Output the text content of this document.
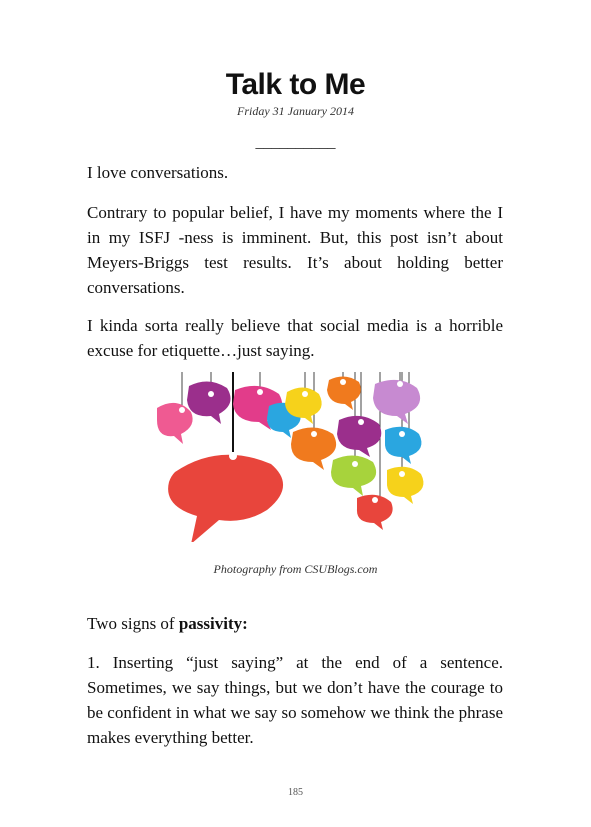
Talk to Me
Friday 31 January 2014
__________
I love conversations.
Contrary to popular belief, I have my moments where the I in my ISFJ -ness is imminent. But, this post isn’t about Meyers-Briggs test results. It’s about holding better conversations.
I kinda sorta really believe that social media is a horrible excuse for etiquette…just saying.
Photography from CSUBlogs.com
Two signs of passivity:
1. Inserting “just saying” at the end of a sentence. Sometimes, we say things, but we don’t have the courage to be confident in what we say so somehow we think the phrase makes everything better.
185
